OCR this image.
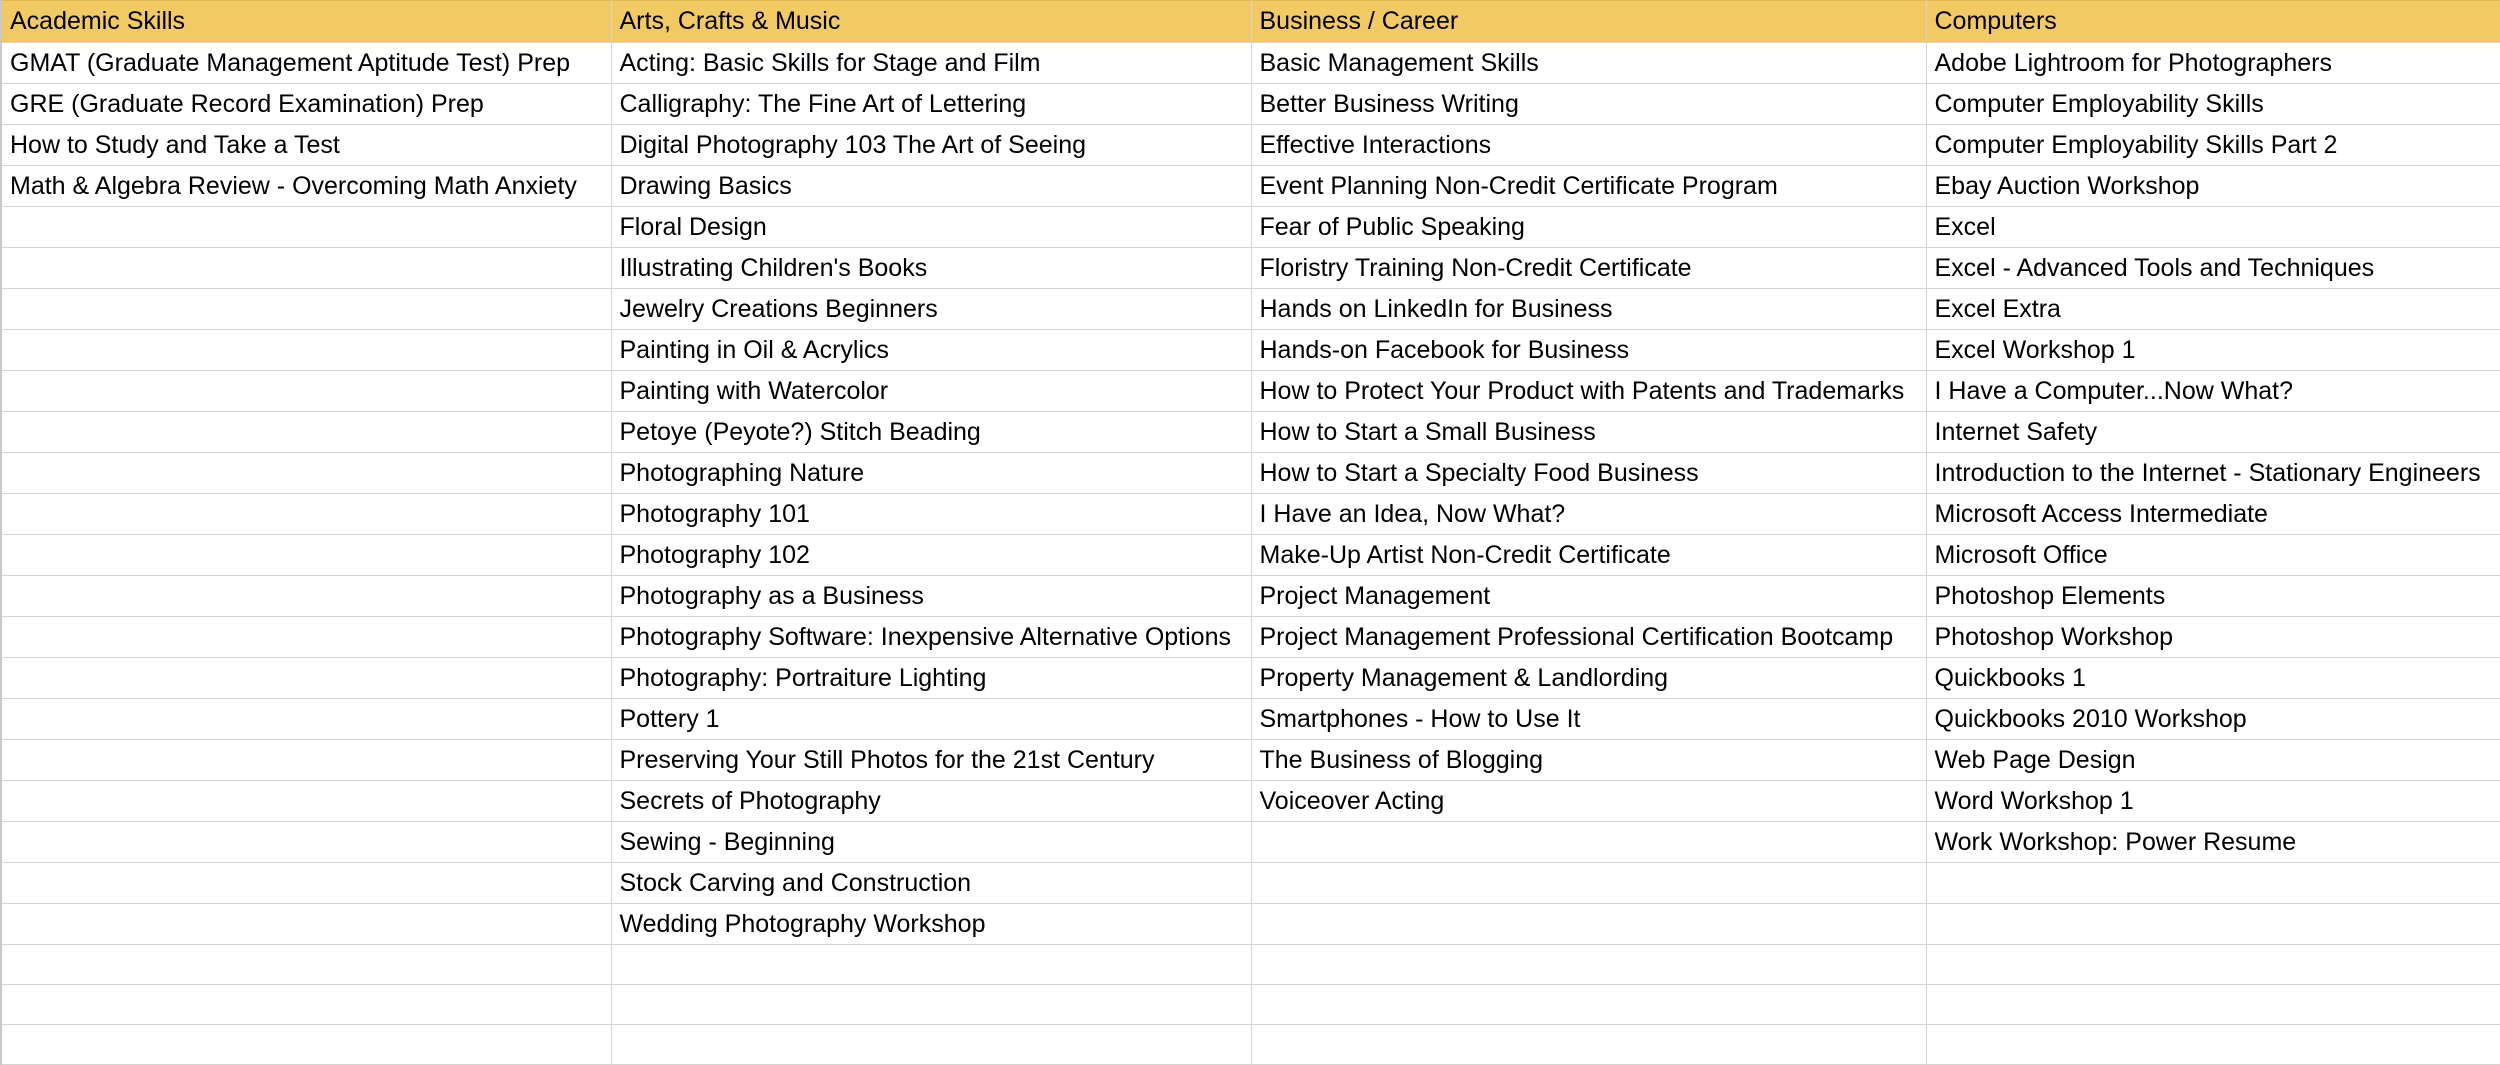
Academic Skills	Arts, Crafts & Music	Business / Career	Computers
GMAT (Graduate Management Aptitude Test) Prep	Acting: Basic Skills for Stage and Film	Basic Management Skills	Adobe Lightroom for Photographers
GRE (Graduate Record Examination) Prep	Calligraphy: The Fine Art of Lettering	Better Business Writing	Computer Employability Skills
How to Study and Take a Test	Digital Photography 103 The Art of Seeing	Effective Interactions	Computer Employability Skills Part 2
Math & Algebra Review - Overcoming Math Anxiety	Drawing Basics	Event Planning Non-Credit Certificate Program	Ebay Auction Workshop
	Floral Design	Fear of Public Speaking	Excel
	Illustrating Children's Books	Floristry Training Non-Credit Certificate	Excel - Advanced Tools and Techniques
	Jewelry Creations Beginners	Hands on LinkedIn for Business	Excel Extra
	Painting in Oil & Acrylics	Hands-on Facebook for Business	Excel Workshop 1
	Painting with Watercolor	How to Protect Your Product with Patents and Trademarks	I Have a Computer...Now What?
	Petoye (Peyote?) Stitch Beading	How to Start a Small Business	Internet Safety
	Photographing Nature	How to Start a Specialty Food Business	Introduction to the Internet - Stationary Engineers
	Photography 101	I Have an Idea, Now What?	Microsoft Access Intermediate
	Photography 102	Make-Up Artist Non-Credit Certificate	Microsoft Office
	Photography as a Business	Project Management	Photoshop Elements
	Photography Software: Inexpensive Alternative Options	Project Management Professional Certification Bootcamp	Photoshop Workshop
	Photography: Portraiture Lighting	Property Management & Landlording	Quickbooks 1
	Pottery 1	Smartphones - How to Use It	Quickbooks 2010 Workshop
	Preserving Your Still Photos for the 21st Century	The Business of Blogging	Web Page Design
	Secrets of Photography	Voiceover Acting	Word Workshop 1
	Sewing - Beginning		Work Workshop: Power Resume
	Stock Carving and Construction		
	Wedding Photography Workshop		
